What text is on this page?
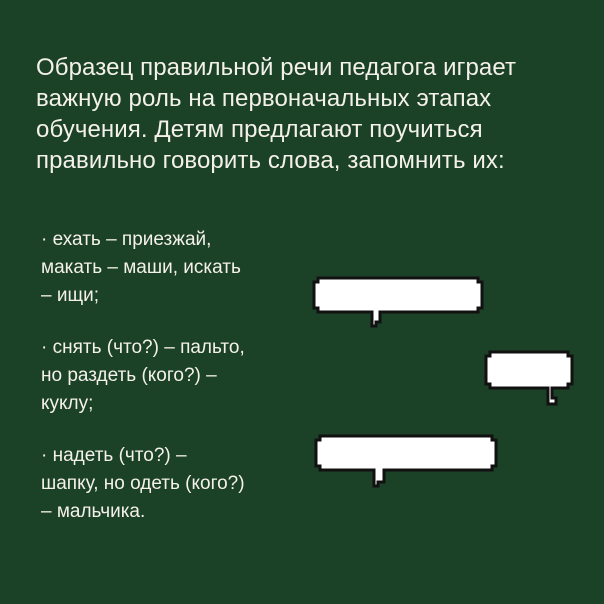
Образец правильной речи педагога играет
важную роль на первоначальных этапах
обучения. Детям предлагают поучиться
правильно говорить слова, запомнить их:

· ехать – приезжай,
макать – маши, искать
– ищи;
· снять (что?) – пальто,
но раздеть (кого?) –
куклу;
· надеть (что?) –
шапку, но одеть (кого?)
– мальчика.
